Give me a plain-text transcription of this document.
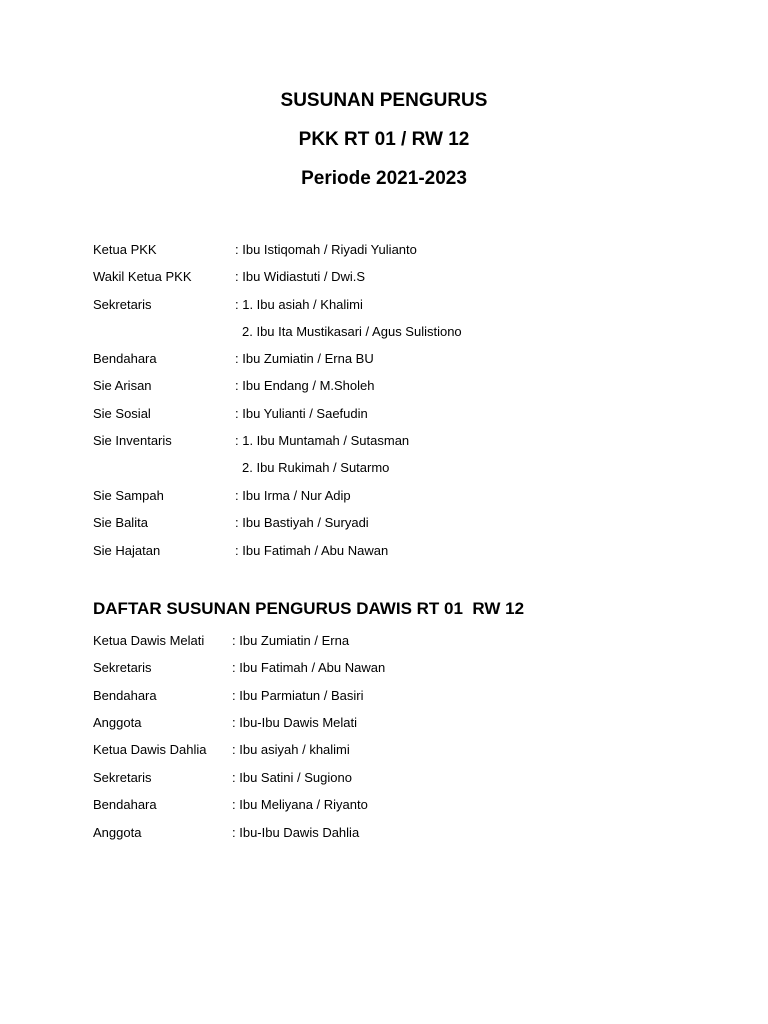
SUSUNAN PENGURUS
PKK RT 01 / RW 12
Periode 2021-2023
Ketua PKK	: Ibu Istiqomah / Riyadi Yulianto
Wakil Ketua PKK	: Ibu Widiastuti / Dwi.S
Sekretaris	: 1. Ibu asiah / Khalimi
2. Ibu Ita Mustikasari / Agus Sulistiono
Bendahara	: Ibu Zumiatin / Erna BU
Sie Arisan	: Ibu Endang / M.Sholeh
Sie Sosial	: Ibu Yulianti / Saefudin
Sie Inventaris	: 1. Ibu Muntamah / Sutasman
2. Ibu Rukimah / Sutarmo
Sie Sampah	: Ibu Irma / Nur Adip
Sie Balita	: Ibu Bastiyah / Suryadi
Sie Hajatan	: Ibu Fatimah / Abu Nawan
DAFTAR SUSUNAN PENGURUS DAWIS RT 01  RW 12
Ketua Dawis Melati : Ibu Zumiatin / Erna
Sekretaris	: Ibu Fatimah / Abu Nawan
Bendahara	: Ibu Parmiatun / Basiri
Anggota	: Ibu-Ibu Dawis Melati
Ketua Dawis Dahlia : Ibu asiyah / khalimi
Sekretaris	: Ibu Satini / Sugiono
Bendahara	: Ibu Meliyana / Riyanto
Anggota	: Ibu-Ibu Dawis Dahlia
